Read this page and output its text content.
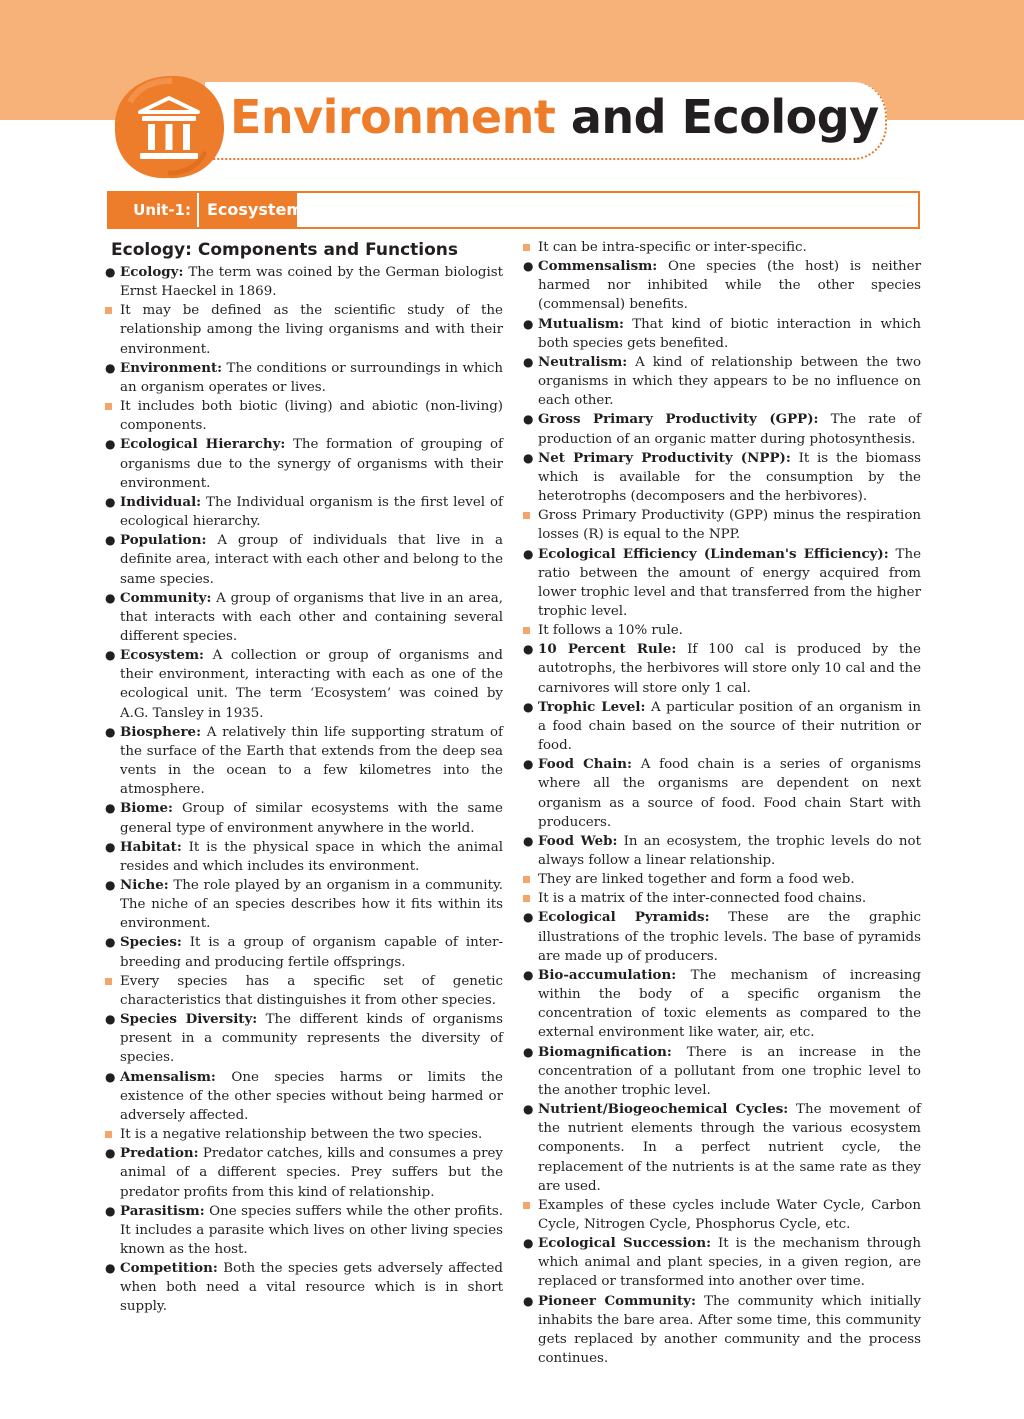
Environment and Ecology
Unit-1:	Ecosystem
Ecology: Components and Functions

● Ecology: The term was coined by the German biologist Ernst Haeckel in 1869.

It may be defined as the scientific study of the relationship among the living organisms and with their environment.

● Environment: The conditions or surroundings in which an organism operates or lives.

It includes both biotic (living) and abiotic (non-living) components.

● Ecological Hierarchy: The formation of grouping of organisms due to the synergy of organisms with their environment.

● Individual: The Individual organism is the first level of ecological hierarchy.

● Population: A group of individuals that live in a definite area, interact with each other and belong to the same species.

● Community: A group of organisms that live in an area, that interacts with each other and containing several different species.

● Ecosystem: A collection or group of organisms and their environment, interacting with each as one of the ecological unit. The term ‘Ecosystem’ was coined by A.G. Tansley in 1935.

● Biosphere: A relatively thin life supporting stratum of the surface of the Earth that extends from the deep sea vents in the ocean to a few kilometres into the atmosphere.

● Biome: Group of similar ecosystems with the same general type of environment anywhere in the world.

● Habitat: It is the physical space in which the animal resides and which includes its environment.

● Niche: The role played by an organism in a community. The niche of an species describes how it fits within its environment.

● Species: It is a group of organism capable of inter-breeding and producing fertile offsprings.

Every species has a specific set of genetic characteristics that distinguishes it from other species.

● Species Diversity: The different kinds of organisms present in a community represents the diversity of species.

● Amensalism: One species harms or limits the existence of the other species without being harmed or adversely affected.

It is a negative relationship between the two species.

● Predation: Predator catches, kills and consumes a prey animal of a different species. Prey suffers but the predator profits from this kind of relationship.

● Parasitism: One species suffers while the other profits. It includes a parasite which lives on other living species known as the host.

● Competition: Both the species gets adversely affected when both need a vital resource which is in short supply.

It can be intra-specific or inter-specific.

● Commensalism: One species (the host) is neither harmed nor inhibited while the other species (commensal) benefits.

● Mutualism: That kind of biotic interaction in which both species gets benefited.

● Neutralism: A kind of relationship between the two organisms in which they appears to be no influence on each other.

● Gross Primary Productivity (GPP): The rate of production of an organic matter during photosynthesis.

● Net Primary Productivity (NPP): It is the biomass which is available for the consumption by the heterotrophs (decomposers and the herbivores).

Gross Primary Productivity (GPP) minus the respiration losses (R) is equal to the NPP.

● Ecological Efficiency (Lindeman's Efficiency): The ratio between the amount of energy acquired from lower trophic level and that transferred from the higher trophic level.

It follows a 10% rule.

● 10 Percent Rule: If 100 cal is produced by the autotrophs, the herbivores will store only 10 cal and the carnivores will store only 1 cal.

● Trophic Level: A particular position of an organism in a food chain based on the source of their nutrition or food.

● Food Chain: A food chain is a series of organisms where all the organisms are dependent on next organism as a source of food. Food chain Start with producers.

● Food Web: In an ecosystem, the trophic levels do not always follow a linear relationship.

They are linked together and form a food web.

It is a matrix of the inter-connected food chains.

● Ecological Pyramids: These are the graphic illustrations of the trophic levels. The base of pyramids are made up of producers.

● Bio-accumulation: The mechanism of increasing within the body of a specific organism the concentration of toxic elements as compared to the external environment like water, air, etc.

● Biomagnification: There is an increase in the concentration of a pollutant from one trophic level to the another trophic level.

● Nutrient/Biogeochemical Cycles: The movement of the nutrient elements through the various ecosystem components. In a perfect nutrient cycle, the replacement of the nutrients is at the same rate as they are used.

Examples of these cycles include Water Cycle, Carbon Cycle, Nitrogen Cycle, Phosphorus Cycle, etc.

● Ecological Succession: It is the mechanism through which animal and plant species, in a given region, are replaced or transformed into another over time.

● Pioneer Community: The community which initially inhabits the bare area. After some time, this community gets replaced by another community and the process continues.
